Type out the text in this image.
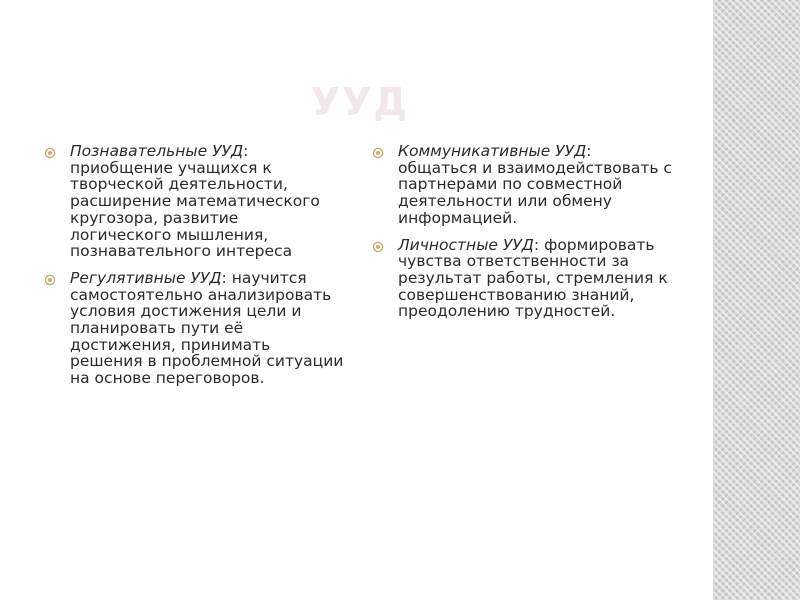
УУД
Познавательные УУД: приобщение учащихся к творческой деятельности, расширение математического кругозора, развитие логического мышления, познавательного интереса
Регулятивные УУД: научится самостоятельно анализировать условия достижения цели и планировать пути её достижения, принимать решения в проблемной ситуации на основе переговоров.
Коммуникативные УУД: общаться и взаимодействовать с партнерами по совместной деятельности или обмену информацией.
Личностные УУД: формировать чувства ответственности за результат работы, стремления к совершенствованию знаний, преодолению трудностей.
